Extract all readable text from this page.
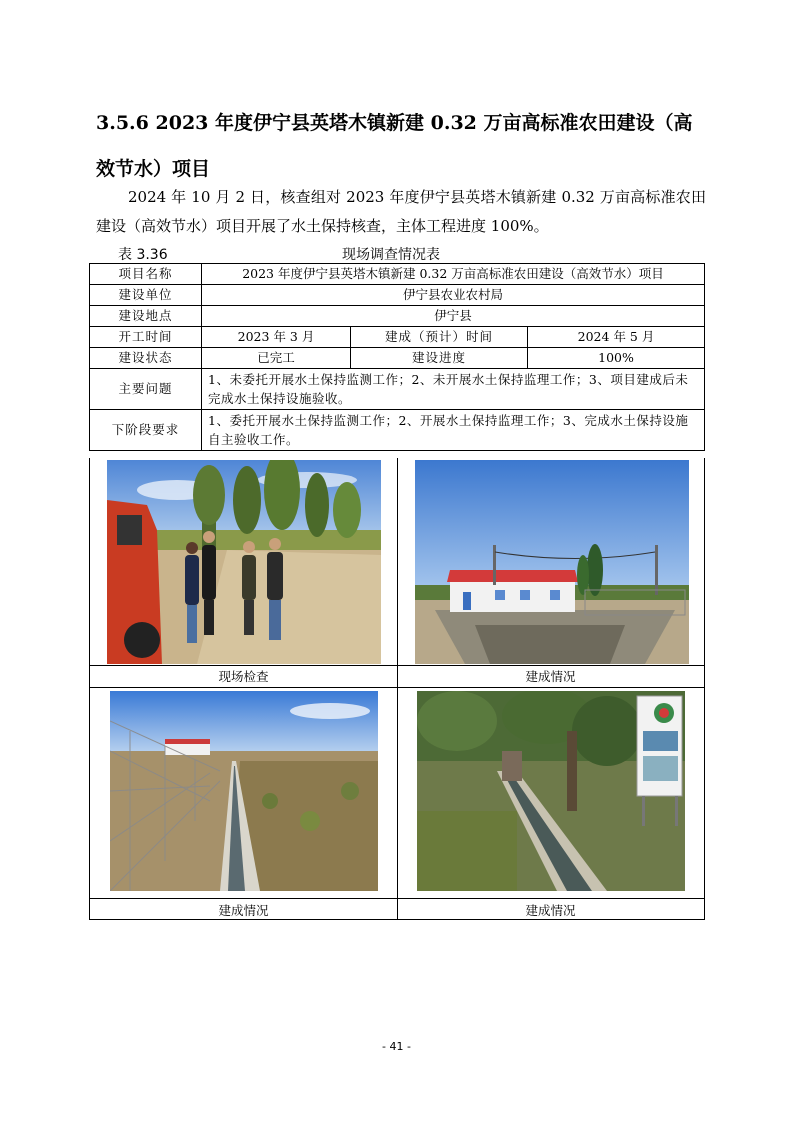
3.5.6 2023 年度伊宁县英塔木镇新建 0.32 万亩高标准农田建设（高效节水）项目
2024 年 10 月 2 日，核查组对 2023 年度伊宁县英塔木镇新建 0.32 万亩高标准农田建设（高效节水）项目开展了水土保持核查，主体工程进度 100%。
表 3.36	现场调查情况表
项目名称	2023 年度伊宁县英塔木镇新建 0.32 万亩高标准农田建设（高效节水）项目		
建设单位	伊宁县农业农村局		
建设地点	伊宁县		
开工时间	2023 年 3 月	建成（预计）时间	2024 年 5 月
建设状态	已完工	建设进度	100%
主要问题	1、未委托开展水土保持监测工作；2、未开展水土保持监理工作；3、项目建成后未完成水土保持设施验收。		
下阶段要求	1、委托开展水土保持监测工作；2、开展水土保持监理工作；3、完成水土保持设施自主验收工作。		
现场检查	建成情况
建成情况	建成情况
- 41 -
